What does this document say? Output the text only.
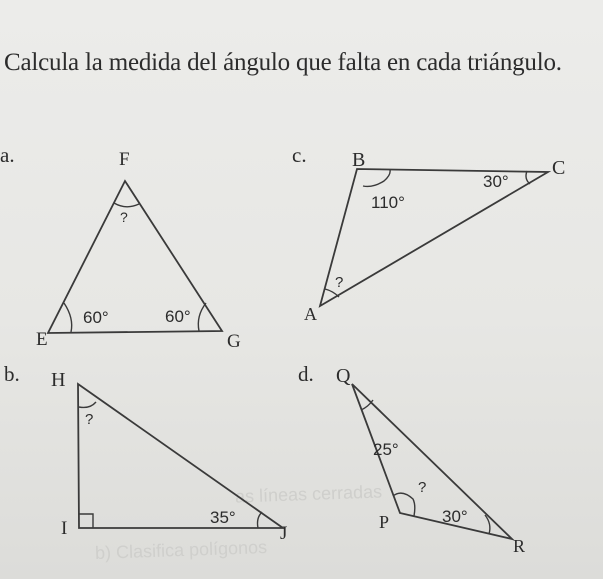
as líneas cerradas
b) Clasifica polígonos
Calcula la medida del ángulo que falta en cada triángulo.
a.	F
E	G
?
60°	60°
c. B	C
A
110°
30°
?
b. H
I	J
?
35°
d. Q
P
R
25°
?
30°
